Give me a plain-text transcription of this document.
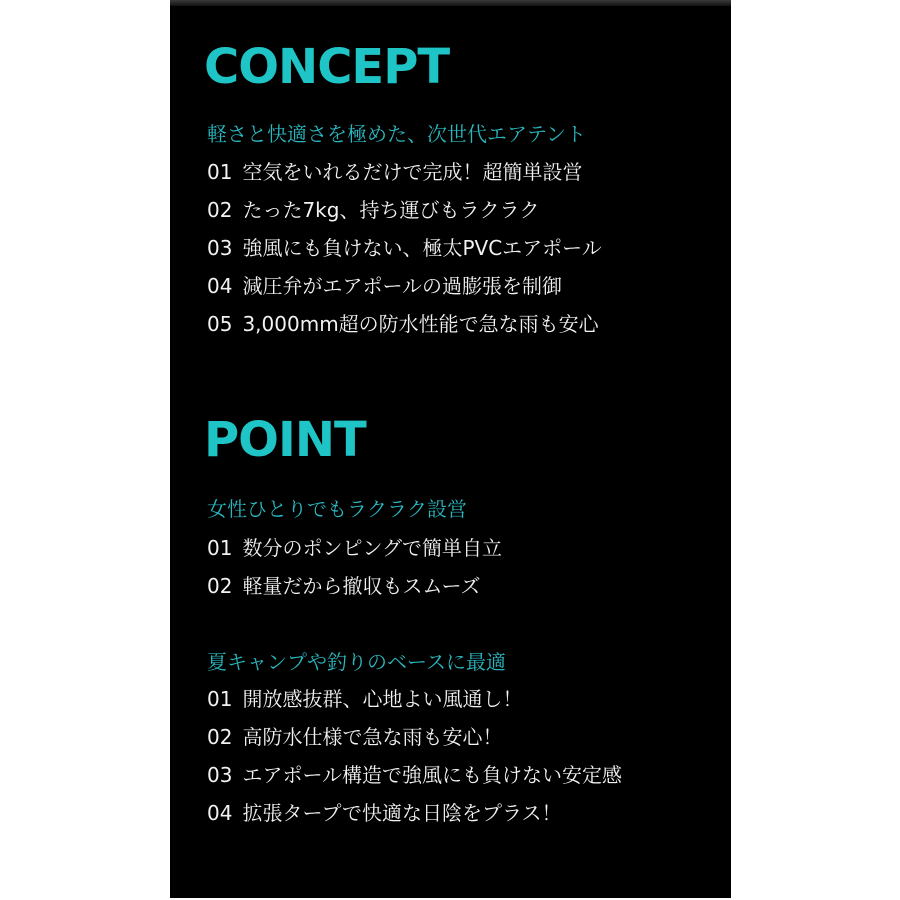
CONCEPT
軽さと快適さを極めた、次世代エアテント
01 空気をいれるだけで完成！超簡単設営
02 たった7kg、持ち運びもラクラク
03 強風にも負けない、極太PVCエアポール
04 減圧弁がエアポールの過膨張を制御
05 3,000mm超の防水性能で急な雨も安心
POINT
女性ひとりでもラクラク設営
01 数分のポンピングで簡単自立
02 軽量だから撤収もスムーズ
夏キャンプや釣りのベースに最適
01 開放感抜群、心地よい風通し！
02 高防水仕様で急な雨も安心！
03 エアポール構造で強風にも負けない安定感
04 拡張タープで快適な日陰をプラス！
